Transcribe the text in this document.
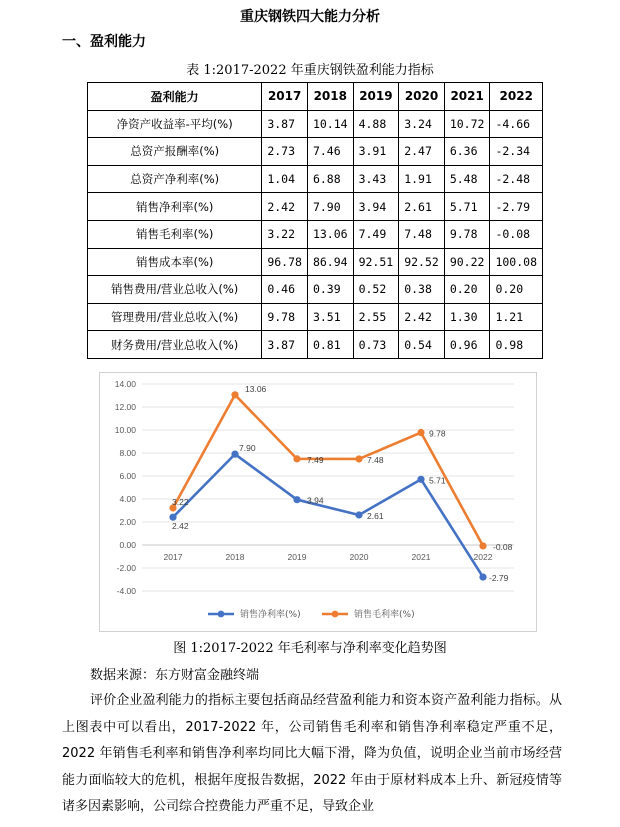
重庆钢铁四大能力分析
一、盈利能力
表 1:2017-2022 年重庆钢铁盈利能力指标
盈利能力	2017	2018	2019	2020	2021	2022
净资产收益率-平均(%)	3.87	10.14	4.88	3.24	10.72	-4.66
总资产报酬率(%)	2.73	7.46	3.91	2.47	6.36	-2.34
总资产净利率(%)	1.04	6.88	3.43	1.91	5.48	-2.48
销售净利率(%)	2.42	7.90	3.94	2.61	5.71	-2.79
销售毛利率(%)	3.22	13.06	7.49	7.48	9.78	-0.08
销售成本率(%)	96.78	86.94	92.51	92.52	90.22	100.08
销售费用/营业总收入(%)	0.46	0.39	0.52	0.38	0.20	0.20
管理费用/营业总收入(%)	9.78	3.51	2.55	2.42	1.30	1.21
财务费用/营业总收入(%)	3.87	0.81	0.73	0.54	0.96	0.98
-4.00
-2.00
0.00
2.00
4.00
6.00
8.00
10.00
12.00
14.00
2017	2018	2019	2020	2021	2022
2.42
7.90
3.94
2.61
5.71
-2.79
3.22
13.06
7.49	7.48
9.78
-0.08
销售净利率(%)	销售毛利率(%)
图 1:2017-2022 年毛利率与净利率变化趋势图
数据来源：东方财富金融终端
评价企业盈利能力的指标主要包括商品经营盈利能力和资本资产盈利能力指标。从上图表中可以看出，2017-2022 年，公司销售毛利率和销售净利率稳定严重不足，2022 年销售毛利率和销售净利率均同比大幅下滑，降为负值，说明企业当前市场经营能力面临较大的危机，根据年度报告数据，2022 年由于原材料成本上升、新冠疫情等诸多因素影响，公司综合控费能力严重不足，导致企业
